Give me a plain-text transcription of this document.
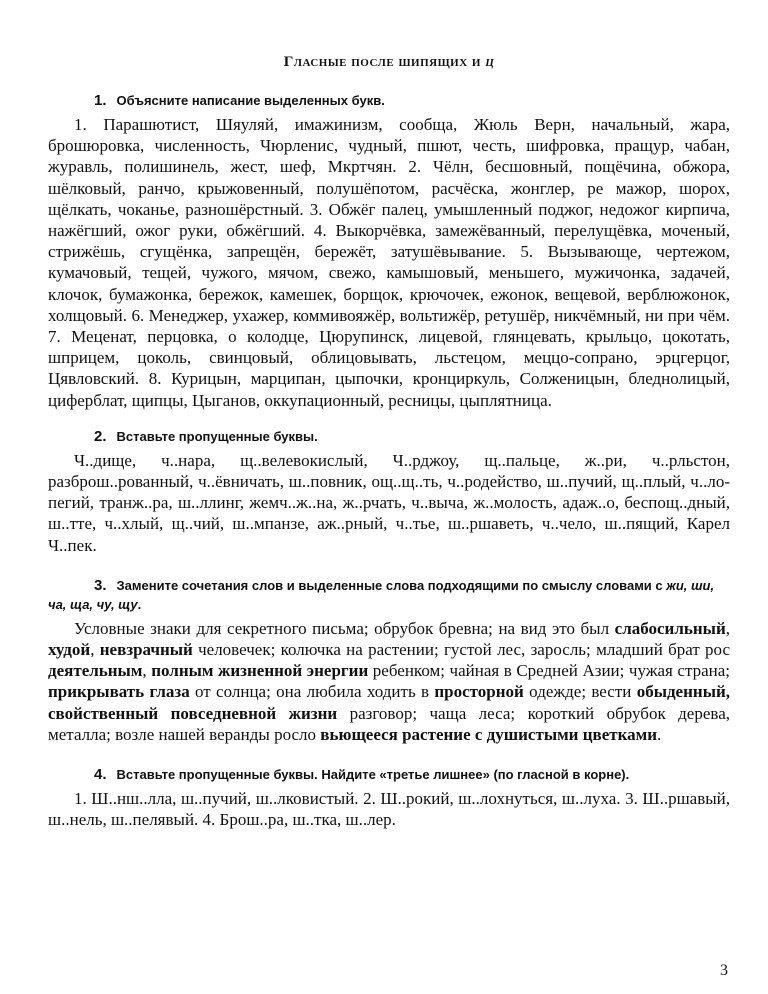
Гласные после шипящих и ц
1. Объясните написание выделенных букв.

1. Парашютист, Шяуляй, имажинизм, сообща, Жюль Верн, начальный, жара, брошюровка, численность, Чюрленис, чудный, пшют, честь, шифровка, пращур, чабан, журавль, полишинель, жест, шеф, Мкртчян. 2. Чёлн, бесшовный, пощёчина, обжора, шёлковый, ранчо, крыжовенный, полушёпотом, расчёска, жонглер, ре мажор, шорох, щёлкать, чоканье, разношёрстный. 3. Обжёг палец, умышленный поджог, недожог кирпича, нажёгший, ожог руки, обжёгший. 4. Выкорчёвка, замежёванный, перелущёвка, моченый, стрижёшь, сгущёнка, запрещён, бережёт, затушёвывание. 5. Вызывающе, чертежом, кумачовый, тещей, чужого, мячом, свежо, камышовый, меньшего, мужичонка, задачей, клочок, бумажонка, бережок, камешек, борщок, крючочек, ежонок, вещевой, верблюжонок, холщовый. 6. Менеджер, ухажер, коммивояжёр, вольтижёр, ретушёр, никчёмный, ни при чём. 7. Меценат, перцовка, о колодце, Цюрупинск, лицевой, глянцевать, крыльцо, цокотать, шприцем, цоколь, свинцовый, облицовывать, льстецом, меццо-сопрано, эрцгерцог, Цявловский. 8. Курицын, марципан, цыпочки, кронциркуль, Солженицын, бледнолицый, циферблат, щипцы, Цыганов, оккупационный, ресницы, цыплятница.

2. Вставьте пропущенные буквы.

Ч..дище, ч..нара, щ..велевокислый, Ч..рджоу, щ..пальце, ж..ри, ч..рльстон, разброш..рованный, ч..ёвничать, ш..повник, ощ..щ..ть, ч..родейство, ш..пучий, щ..плый, ч..ло-пегий, транж..ра, ш..ллинг, жемч..ж..на, ж..рчать, ч..выча, ж..молость, адаж..о, беспощ..дный, ш..тте, ч..хлый, щ..чий, ш..мпанзе, аж..рный, ч..тье, ш..ршаветь, ч..чело, ш..пящий, Карел Ч..пек.

3. Замените сочетания слов и выделенные слова подходящими по смыслу словами с жи, ши, ча, ща, чу, щу.

Условные знаки для секретного письма; обрубок бревна; на вид это был слабосильный, худой, невзрачный человечек; колючка на растении; густой лес, заросль; младший брат рос деятельным, полным жизненной энергии ребенком; чайная в Средней Азии; чужая страна; прикрывать глаза от солнца; она любила ходить в просторной одежде; вести обыденный, свойственный повседневной жизни разговор; чаща леса; короткий обрубок дерева, металла; возле нашей веранды росло вьющееся растение с душистыми цветками.

4. Вставьте пропущенные буквы. Найдите «третье лишнее» (по гласной в корне).

1. Ш..нш..лла, ш..пучий, ш..лковистый. 2. Ш..рокий, ш..лохнуться, ш..луха. 3. Ш..ршавый, ш..нель, ш..пелявый. 4. Брош..ра, ш..тка, ш..лер.

3
